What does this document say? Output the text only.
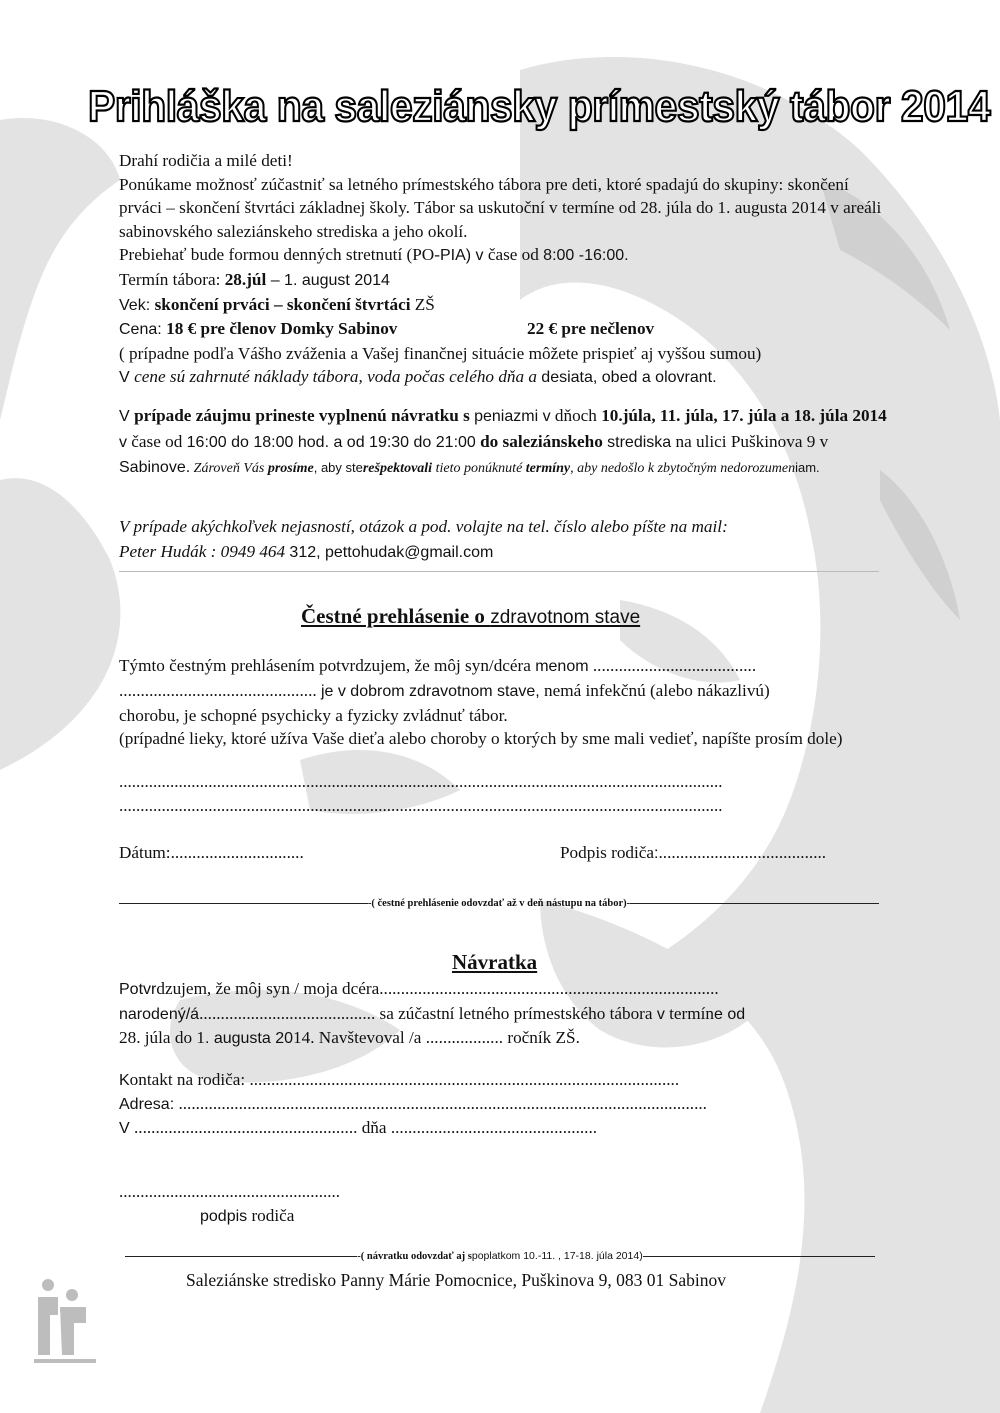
Prihláška na saleziánsky prímestský tábor 2014
Drahí rodičia a milé deti!
Ponúkame možnosť zúčastniť sa letného prímestského tábora pre deti, ktoré spadajú do skupiny: skončení prváci – skončení štvrtáci základnej školy. Tábor sa uskutoční v termíne od 28. júla do 1. augusta 2014 v areáli sabinovského saleziánskeho strediska a jeho okolí.
Prebiehať bude formou denných stretnutí (PO-PIA) v čase od 8:00 -16:00.
Termín tábora: 28.júl – 1. august 2014
Vek: skončení prváci – skončení štvrtáci ZŠ
Cena: 18 € pre členov Domky Sabinov	22 € pre nečlenov
( prípadne podľa Vášho zváženia a Vašej finančnej situácie môžete prispieť aj vyššou sumou)
V cene sú zahrnuté náklady tábora, voda počas celého dňa a desiata, obed a olovrant.
V prípade záujmu prineste vyplnenú návratku s peniazmi v dňoch 10.júla, 11. júla, 17. júla a 18. júla 2014 v čase od 16:00 do 18:00 hod. a od 19:30 do 21:00 do saleziánskeho strediska na ulici Puškinova 9 v Sabinove. Zároveň Vás prosíme, aby sterešpektovali tieto ponúknuté termíny, aby nedošlo k zbytočným nedorozumeniam.
V prípade akýchkoľvek nejasností, otázok a pod. volajte na tel. číslo alebo píšte na mail:
Peter Hudák : 0949 464 312, pettohudak@gmail.com
Čestné prehlásenie o zdravotnom stave
Týmto čestným prehlásením potvrdzujem, že môj syn/dcéra menom ......................................
.............................................. je v dobrom zdravotnom stave, nemá infekčnú (alebo nákazlivú)
chorobu, je schopné psychicky a fyzicky zvládnuť tábor.
(prípadné lieky, ktoré užíva Vaše dieťa alebo choroby o ktorých by sme mali vedieť, napíšte prosím dole)
..............................................................................................................................................
..............................................................................................................................................
Dátum:...............................	Podpis rodiča:.......................................
-( čestné prehlásenie odovzdať až v deň nástupu na tábor)-
Návratka
Potvrdzujem, že môj syn / moja dcéra...............................................................................
narodený/á......................................... sa zúčastní letného prímestského tábora v termíne od
28. júla do 1. augusta 2014. Navštevoval /a .................. ročník ZŠ.
Kontakt na rodiča: ....................................................................................................
Adresa: ...........................................................................................................................
V .................................................... dňa ................................................
....................................................
podpis rodiča
-( návratku odovzdať aj s poplatkom 10.-11. , 17-18. júla 2014)
Saleziánske stredisko Panny Márie Pomocnice, Puškinova 9, 083 01 Sabinov
